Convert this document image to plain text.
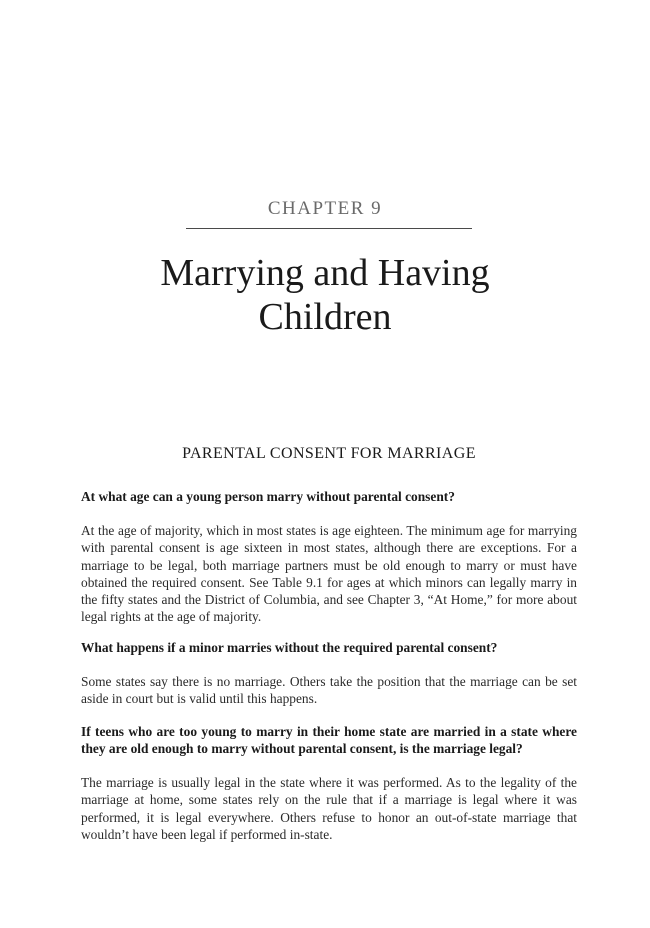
CHAPTER 9
Marrying and Having
Children
PARENTAL CONSENT FOR MARRIAGE
At what age can a young person marry without parental consent?
At the age of majority, which in most states is age eighteen. The minimum age for marrying with parental consent is age sixteen in most states, although there are exceptions. For a marriage to be legal, both marriage partners must be old enough to marry or must have obtained the required consent. See Table 9.1 for ages at which minors can legally marry in the fifty states and the District of Columbia, and see Chapter 3, “At Home,” for more about legal rights at the age of majority.
What happens if a minor marries without the required parental consent?
Some states say there is no marriage. Others take the position that the marriage can be set aside in court but is valid until this happens.
If teens who are too young to marry in their home state are married in a state where they are old enough to marry without parental consent, is the marriage legal?
The marriage is usually legal in the state where it was performed. As to the legality of the marriage at home, some states rely on the rule that if a marriage is legal where it was performed, it is legal everywhere. Others refuse to honor an out-of-state marriage that wouldn’t have been legal if performed in-state.
